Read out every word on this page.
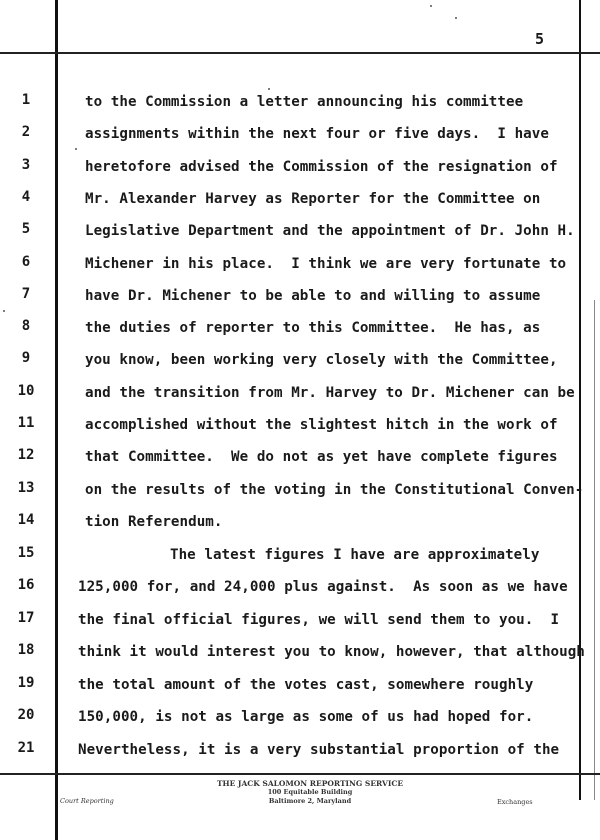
5
1	to the Commission a letter announcing his committee
2	assignments within the next four or five days.  I have
3	heretofore advised the Commission of the resignation of
4	Mr. Alexander Harvey as Reporter for the Committee on
5	Legislative Department and the appointment of Dr. John H.
6	Michener in his place.  I think we are very fortunate to
7	have Dr. Michener to be able to and willing to assume
8	the duties of reporter to this Committee.  He has, as
9	you know, been working very closely with the Committee,
10	and the transition from Mr. Harvey to Dr. Michener can be
11	accomplished without the slightest hitch in the work of
12	that Committee.  We do not as yet have complete figures
13	on the results of the voting in the Constitutional Conven-
14	tion Referendum.
15	The latest figures I have are approximately
16	125,000 for, and 24,000 plus against.  As soon as we have
17	the final official figures, we will send them to you.  I
18	think it would interest you to know, however, that although
19	the total amount of the votes cast, somewhere roughly
20	150,000, is not as large as some of us had hoped for.
21	Nevertheless, it is a very substantial proportion of the
THE JACK SALOMON REPORTING SERVICE
100 Equitable Building
Baltimore 2, Maryland
Court Reporting	Exchanges
